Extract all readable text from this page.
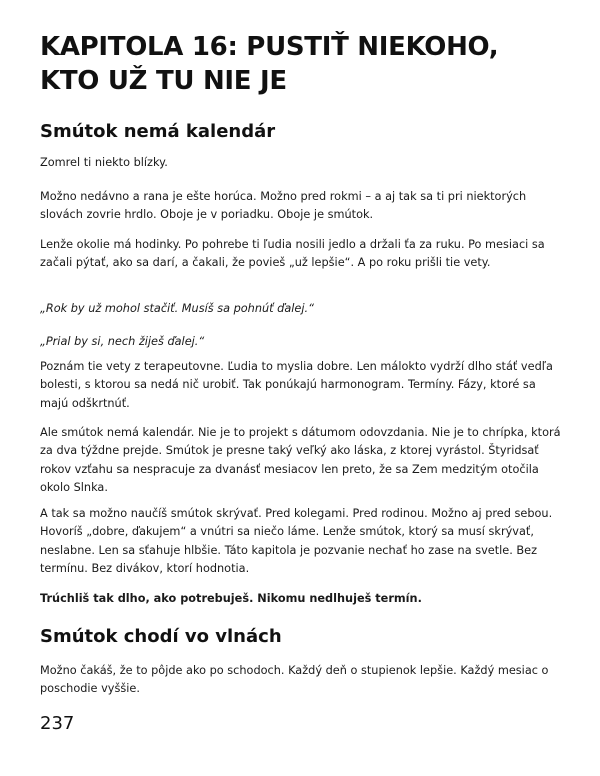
KAPITOLA 16: PUSTIŤ NIEKOHO, KTO UŽ TU NIE JE
Smútok nemá kalendár

Zomrel ti niekto blízky.

Možno nedávno a rana je ešte horúca. Možno pred rokmi – a aj tak sa ti pri niektorých slovách zovrie hrdlo. Oboje je v poriadku. Oboje je smútok.

Lenže okolie má hodinky. Po pohrebe ti ľudia nosili jedlo a držali ťa za ruku. Po mesiaci sa začali pýtať, ako sa darí, a čakali, že povieš „už lepšie“. A po roku prišli tie vety.

„Rok by už mohol stačiť. Musíš sa pohnúť ďalej.“

„Prial by si, nech žiješ ďalej.“

Poznám tie vety z terapeutovne. Ľudia to myslia dobre. Len málokto vydrží dlho stáť vedľa bolesti, s ktorou sa nedá nič urobiť. Tak ponúkajú harmonogram. Termíny. Fázy, ktoré sa majú odškrtnúť.

Ale smútok nemá kalendár. Nie je to projekt s dátumom odovzdania. Nie je to chrípka, ktorá za dva týždne prejde. Smútok je presne taký veľký ako láska, z ktorej vyrástol. Štyridsať rokov vzťahu sa nespracuje za dvanásť mesiacov len preto, že sa Zem medzitým otočila okolo Slnka.

A tak sa možno naučíš smútok skrývať. Pred kolegami. Pred rodinou. Možno aj pred sebou. Hovoríš „dobre, ďakujem“ a vnútri sa niečo láme. Lenže smútok, ktorý sa musí skrývať, neslabne. Len sa sťahuje hlbšie. Táto kapitola je pozvanie nechať ho zase na svetle. Bez termínu. Bez divákov, ktorí hodnotia.

Trúchliš tak dlho, ako potrebuješ. Nikomu nedlhuješ termín.

Smútok chodí vo vlnách

Možno čakáš, že to pôjde ako po schodoch. Každý deň o stupienok lepšie. Každý mesiac o poschodie vyššie.

237
